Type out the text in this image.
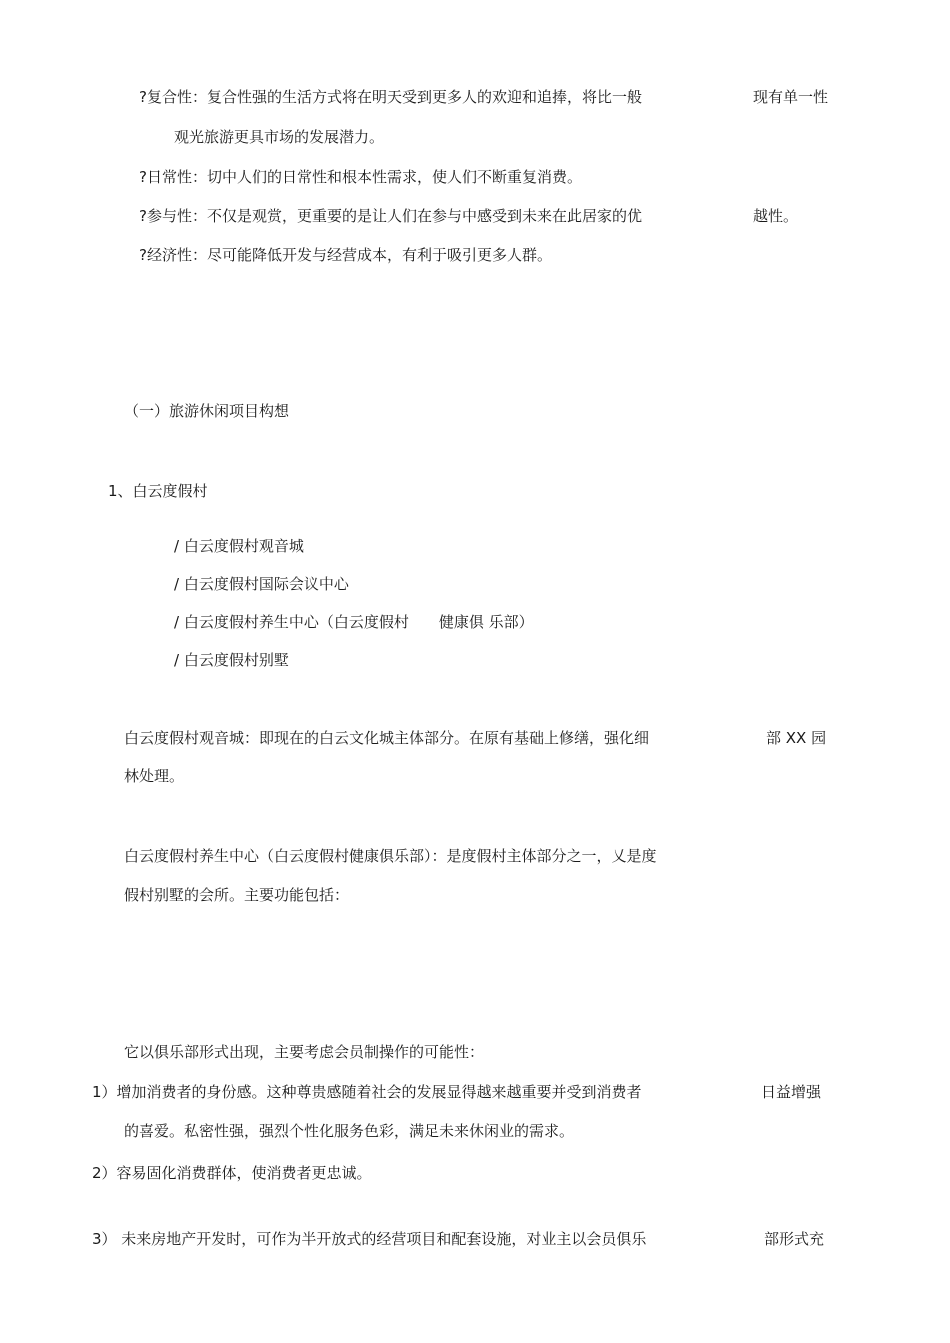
?复合性：复合性强的生活方式将在明天受到更多人的欢迎和追捧，将比一般	现有单一性
观光旅游更具市场的发展潜力。
?日常性：切中人们的日常性和根本性需求，使人们不断重复消费。
?参与性：不仅是观赏，更重要的是让人们在参与中感受到未来在此居家的优	越性。
?经济性：尽可能降低开发与经营成本，有利于吸引更多人群。
（一）旅游休闲项目构想
1、白云度假村
/ 白云度假村观音城
/ 白云度假村国际会议中心
/ 白云度假村养生中心（白云度假村　　健康俱 乐部）
/ 白云度假村别墅
白云度假村观音城：即现在的白云文化城主体部分。在原有基础上修缮，强化细	部 XX 园
林处理。
白云度假村养生中心（白云度假村健康俱乐部）：是度假村主体部分之一，乂是度
假村别墅的会所。主要功能包括：
它以俱乐部形式出现，主要考虑会员制操作的可能性：
1）增加消费者的身份感。这种尊贵感随着社会的发展显得越来越重要并受到消费者	日益增强
的喜爱。私密性强，强烈个性化服务色彩，满足未来休闲业的需求。
2）容易固化消费群体，使消费者更忠诚。
3） 未来房地产开发时，可作为半开放式的经营项目和配套设施，对业主以会员俱乐	部形式充
